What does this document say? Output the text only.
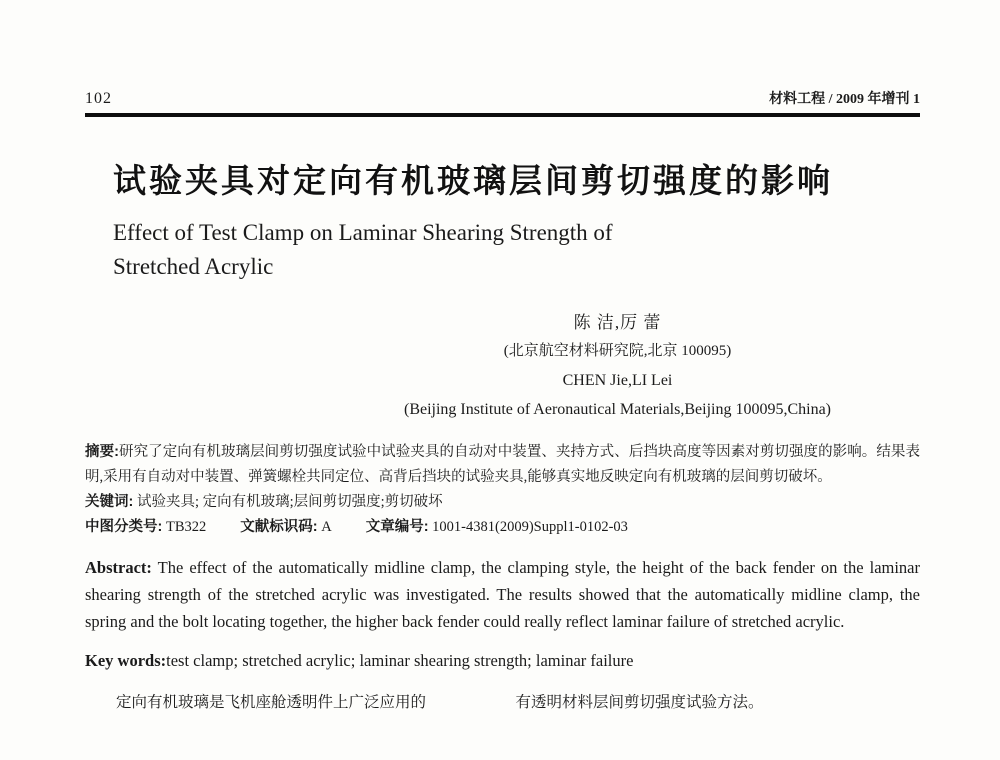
102	材料工程 / 2009 年增刊 1
试验夹具对定向有机玻璃层间剪切强度的影响
Effect of Test Clamp on Laminar Shearing Strength of
Stretched Acrylic
陈 洁,厉 蕾
(北京航空材料研究院,北京 100095)
CHEN Jie,LI Lei
(Beijing Institute of Aeronautical Materials,Beijing 100095,China)

摘要:研究了定向有机玻璃层间剪切强度试验中试验夹具的自动对中装置、夹持方式、后挡块高度等因素对剪切强度的影响。结果表明,采用有自动对中装置、弹簧螺栓共同定位、高背后挡块的试验夹具,能够真实地反映定向有机玻璃的层间剪切破坏。

关键词: 试验夹具; 定向有机玻璃;层间剪切强度;剪切破坏

中图分类号: TB322 文献标识码: A 文章编号: 1001-4381(2009)Suppl1-0102-03

Abstract: The effect of the automatically midline clamp, the clamping style, the height of the back fender on the laminar shearing strength of the stretched acrylic was investigated. The results showed that the automatically midline clamp, the spring and the bolt locating together, the higher back fender could really reflect laminar failure of stretched acrylic.

Key words:test clamp; stretched acrylic; laminar shearing strength; laminar failure

定向有机玻璃是飞机座舱透明件上广泛应用的	有透明材料层间剪切强度试验方法。
